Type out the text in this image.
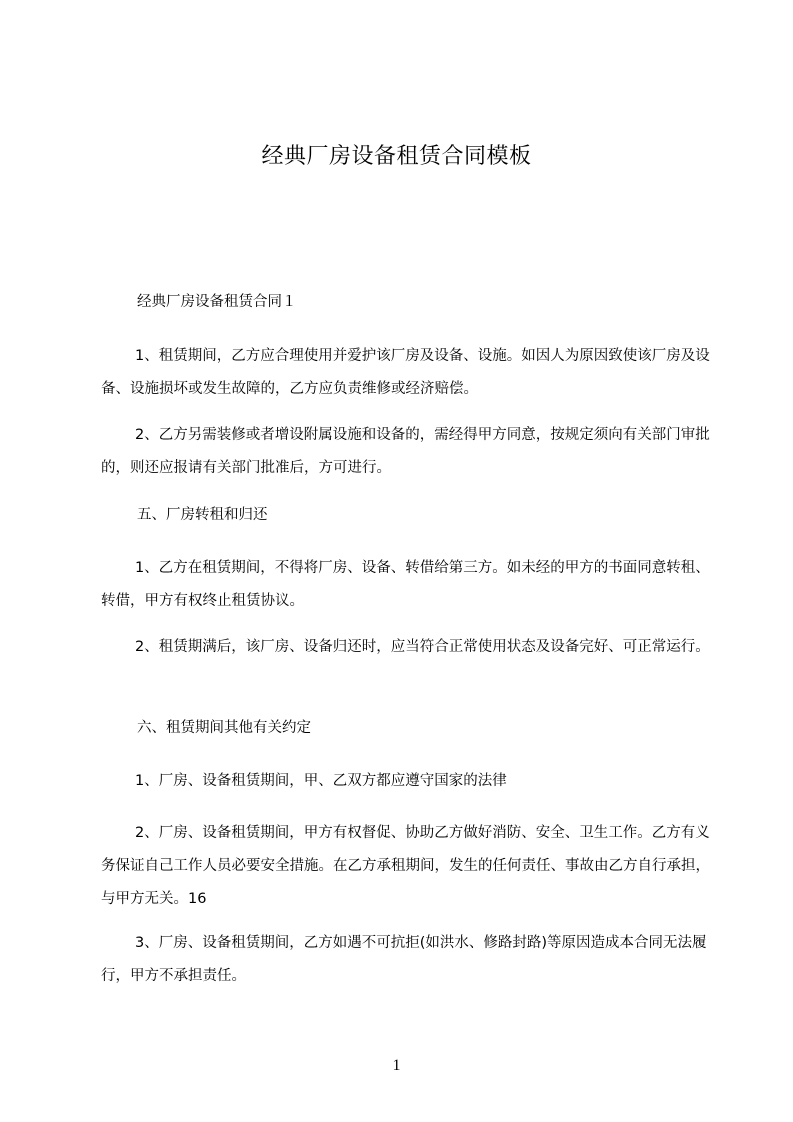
经典厂房设备租赁合同模板

经典厂房设备租赁合同１

1、租赁期间，乙方应合理使用并爱护该厂房及设备、设施。如因人为原因致使该厂房及设备、设施损坏或发生故障的，乙方应负责维修或经济赔偿。

2、乙方另需装修或者增设附属设施和设备的，需经得甲方同意，按规定须向有关部门审批的，则还应报请有关部门批准后，方可进行。

五、厂房转租和归还

1、乙方在租赁期间，不得将厂房、设备、转借给第三方。如未经的甲方的书面同意转租、转借，甲方有权终止租赁协议。

2、租赁期满后，该厂房、设备归还时，应当符合正常使用状态及设备完好、可正常运行。

六、租赁期间其他有关约定

1、厂房、设备租赁期间，甲、乙双方都应遵守国家的法律

2、厂房、设备租赁期间，甲方有权督促、协助乙方做好消防、安全、卫生工作。乙方有义务保证自己工作人员必要安全措施。在乙方承租期间，发生的任何责任、事故由乙方自行承担，与甲方无关。16

3、厂房、设备租赁期间，乙方如遇不可抗拒(如洪水、修路封路)等原因造成本合同无法履行，甲方不承担责任。

1
